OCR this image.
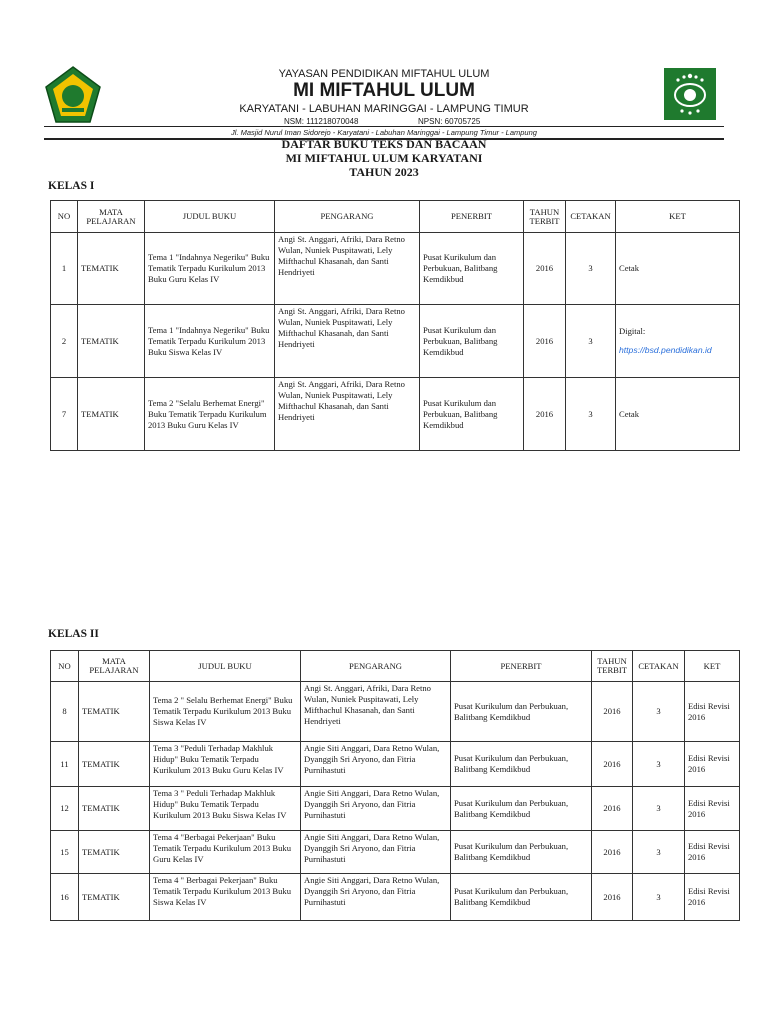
YAYASAN PENDIDIKAN MIFTAHUL ULUM
MI MIFTAHUL ULUM
KARYATANI - LABUHAN MARINGGAI - LAMPUNG TIMUR
NSM: 111218070048	NPSN: 60705725
Jl. Masjid Nurul Iman Sidorejo - Karyatani - Labuhan Maringgai - Lampung Timur - Lampung
DAFTAR BUKU TEKS DAN BACAAN
MI MIFTAHUL ULUM KARYATANI
TAHUN 2023
KELAS I
NO	MATA PELAJARAN	JUDUL BUKU	PENGARANG	PENERBIT	TAHUN TERBIT	CETAKAN	KET
1	TEMATIK	Tema 1 "Indahnya Negeriku" Buku Tematik Terpadu Kurikulum 2013 Buku Guru Kelas IV	Angi St. Anggari, Afriki, Dara Retno Wulan, Nuniek Puspitawati, Lely Mifthachul Khasanah, dan Santi Hendriyeti	Pusat Kurikulum dan Perbukuan, Balitbang Kemdikbud	2016	3	Cetak
2	TEMATIK	Tema 1 "Indahnya Negeriku" Buku Tematik Terpadu Kurikulum 2013 Buku Siswa Kelas IV	Angi St. Anggari, Afriki, Dara Retno Wulan, Nuniek Puspitawati, Lely Mifthachul Khasanah, dan Santi Hendriyeti	Pusat Kurikulum dan Perbukuan, Balitbang Kemdikbud	2016	3	Digital:
https://bsd.pendidikan.id

7	TEMATIK	Tema 2 "Selalu Berhemat Energi" Buku Tematik Terpadu Kurikulum 2013 Buku Guru Kelas IV	Angi St. Anggari, Afriki, Dara Retno Wulan, Nuniek Puspitawati, Lely Mifthachul Khasanah, dan Santi Hendriyeti	Pusat Kurikulum dan Perbukuan, Balitbang Kemdikbud	2016	3	Cetak
KELAS II
NO	MATA PELAJARAN	JUDUL BUKU	PENGARANG	PENERBIT	TAHUN TERBIT	CETAKAN	KET
8	TEMATIK	Tema 2 " Selalu Berhemat Energi" Buku Tematik Terpadu Kurikulum 2013 Buku Siswa Kelas IV	Angi St. Anggari, Afriki, Dara Retno Wulan, Nuniek Puspitawati, Lely Mifthachul Khasanah, dan Santi Hendriyeti	Pusat Kurikulum dan Perbukuan, Balitbang Kemdikbud	2016	3	Edisi Revisi 2016
11	TEMATIK	Tema 3 "Peduli Terhadap Makhluk Hidup" Buku Tematik Terpadu Kurikulum 2013 Buku Guru Kelas IV	Angie Siti Anggari, Dara Retno Wulan, Dyanggih Sri Aryono, dan Fitria Purnihastuti	Pusat Kurikulum dan Perbukuan, Balitbang Kemdikbud	2016	3	Edisi Revisi 2016
12	TEMATIK	Tema 3 " Peduli Terhadap Makhluk Hidup" Buku Tematik Terpadu Kurikulum 2013 Buku Siswa Kelas IV	Angie Siti Anggari, Dara Retno Wulan, Dyanggih Sri Aryono, dan Fitria Purnihastuti	Pusat Kurikulum dan Perbukuan, Balitbang Kemdikbud	2016	3	Edisi Revisi 2016
15	TEMATIK	Tema 4 "Berbagai Pekerjaan" Buku Tematik Terpadu Kurikulum 2013 Buku Guru Kelas IV	Angie Siti Anggari, Dara Retno Wulan, Dyanggih Sri Aryono, dan Fitria Purnihastuti	Pusat Kurikulum dan Perbukuan, Balitbang Kemdikbud	2016	3	Edisi Revisi 2016
16	TEMATIK	Tema 4 " Berbagai Pekerjaan" Buku Tematik Terpadu Kurikulum 2013 Buku Siswa Kelas IV	Angie Siti Anggari, Dara Retno Wulan, Dyanggih Sri Aryono, dan Fitria Purnihastuti	Pusat Kurikulum dan Perbukuan, Balitbang Kemdikbud	2016	3	Edisi Revisi 2016
